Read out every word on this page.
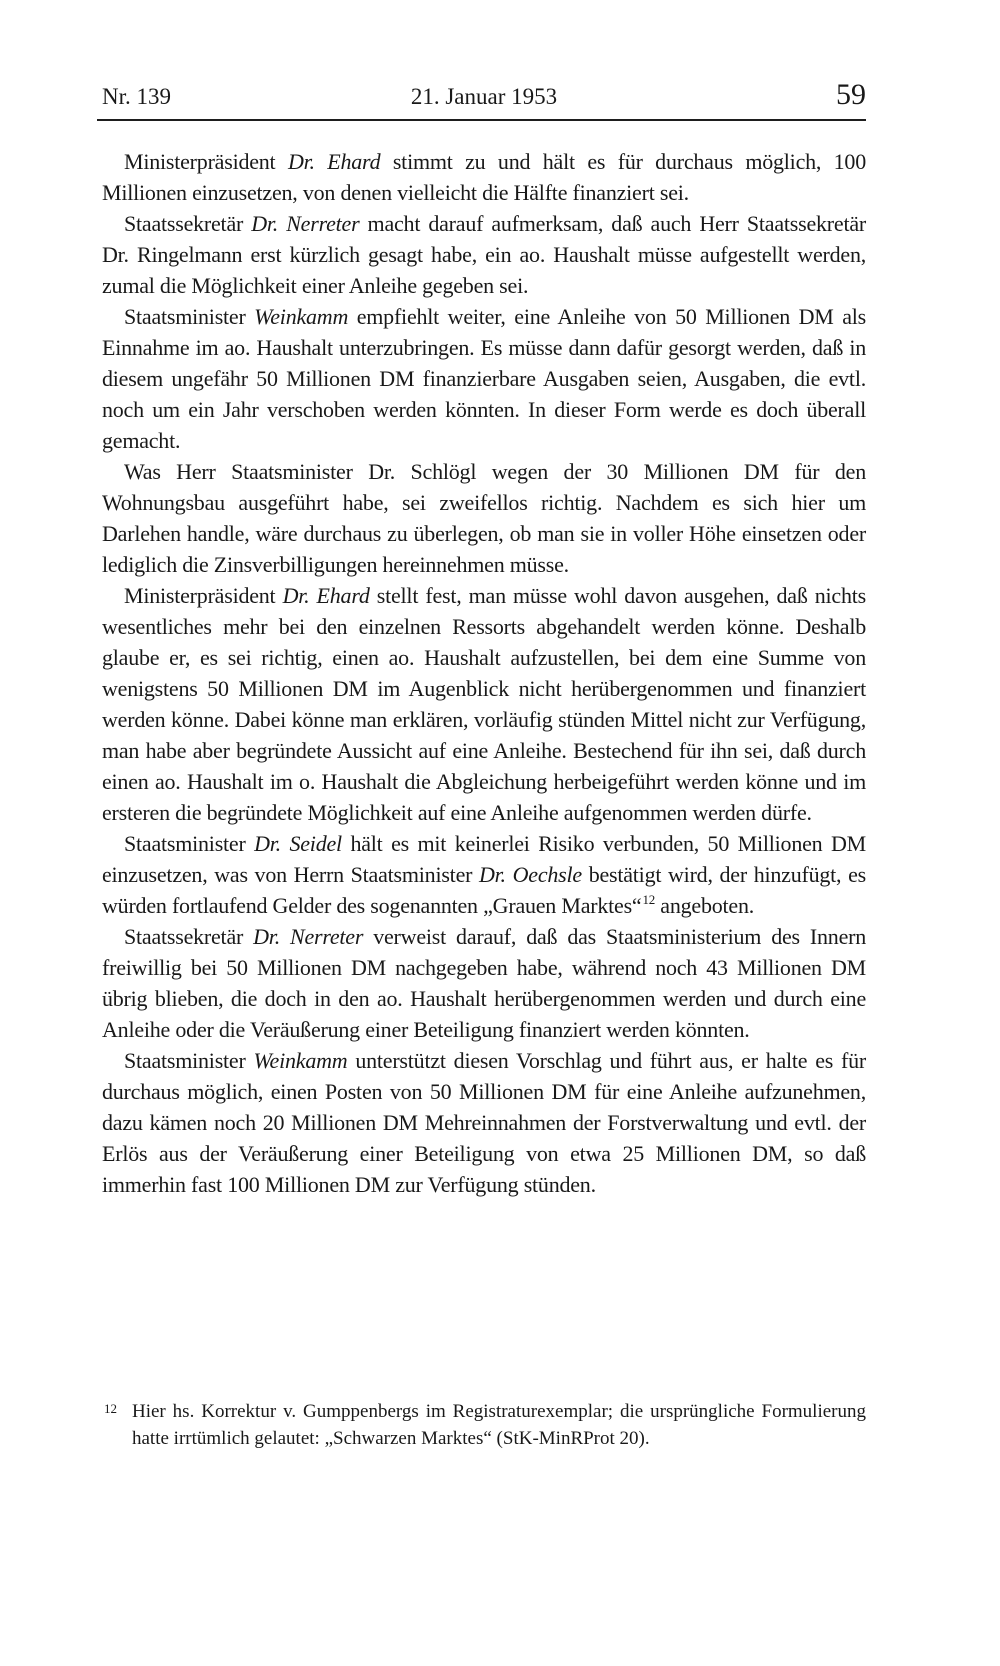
Nr. 139	21. Januar 1953	59

Ministerpräsident Dr. Ehard stimmt zu und hält es für durchaus möglich, 100 Millionen einzusetzen, von denen vielleicht die Hälfte finanziert sei.

Staatssekretär Dr. Nerreter macht darauf aufmerksam, daß auch Herr Staatssekretär Dr. Ringelmann erst kürzlich gesagt habe, ein ao. Haushalt müsse aufgestellt werden, zumal die Möglichkeit einer Anleihe gegeben sei.

Staatsminister Weinkamm empfiehlt weiter, eine Anleihe von 50 Millionen DM als Einnahme im ao. Haushalt unterzubringen. Es müsse dann dafür gesorgt werden, daß in diesem ungefähr 50 Millionen DM finanzierbare Ausgaben seien, Ausgaben, die evtl. noch um ein Jahr verschoben werden könnten. In dieser Form werde es doch überall gemacht.

Was Herr Staatsminister Dr. Schlögl wegen der 30 Millionen DM für den Wohnungsbau ausgeführt habe, sei zweifellos richtig. Nachdem es sich hier um Darlehen handle, wäre durchaus zu überlegen, ob man sie in voller Höhe einsetzen oder lediglich die Zinsverbilligungen hereinnehmen müsse.

Ministerpräsident Dr. Ehard stellt fest, man müsse wohl davon ausgehen, daß nichts wesentliches mehr bei den einzelnen Ressorts abgehandelt werden könne. Deshalb glaube er, es sei richtig, einen ao. Haushalt aufzustellen, bei dem eine Summe von wenigstens 50 Millionen DM im Augenblick nicht herübergenommen und finanziert werden könne. Dabei könne man erklären, vorläufig stünden Mittel nicht zur Verfügung, man habe aber begründete Aussicht auf eine Anleihe. Bestechend für ihn sei, daß durch einen ao. Haushalt im o. Haushalt die Abgleichung herbeigeführt werden könne und im ersteren die begründete Möglichkeit auf eine Anleihe aufgenommen werden dürfe.

Staatsminister Dr. Seidel hält es mit keinerlei Risiko verbunden, 50 Millionen DM einzusetzen, was von Herrn Staatsminister Dr. Oechsle bestätigt wird, der hinzufügt, es würden fortlaufend Gelder des sogenannten „Grauen Marktes“$^{12}$ angeboten.

Staatssekretär Dr. Nerreter verweist darauf, daß das Staatsministerium des Innern freiwillig bei 50 Millionen DM nachgegeben habe, während noch 43 Millionen DM übrig blieben, die doch in den ao. Haushalt herübergenommen werden und durch eine Anleihe oder die Veräußerung einer Beteiligung finanziert werden könnten.

Staatsminister Weinkamm unterstützt diesen Vorschlag und führt aus, er halte es für durchaus möglich, einen Posten von 50 Millionen DM für eine Anleihe aufzunehmen, dazu kämen noch 20 Millionen DM Mehreinnahmen der Forstverwaltung und evtl. der Erlös aus der Veräußerung einer Beteiligung von etwa 25 Millionen DM, so daß immerhin fast 100 Millionen DM zur Verfügung stünden.

12 Hier hs. Korrektur v. Gumppenbergs im Registraturexemplar; die ursprüngliche Formulierung hatte irrtümlich gelautet: „Schwarzen Marktes“ (StK-MinRProt 20).
